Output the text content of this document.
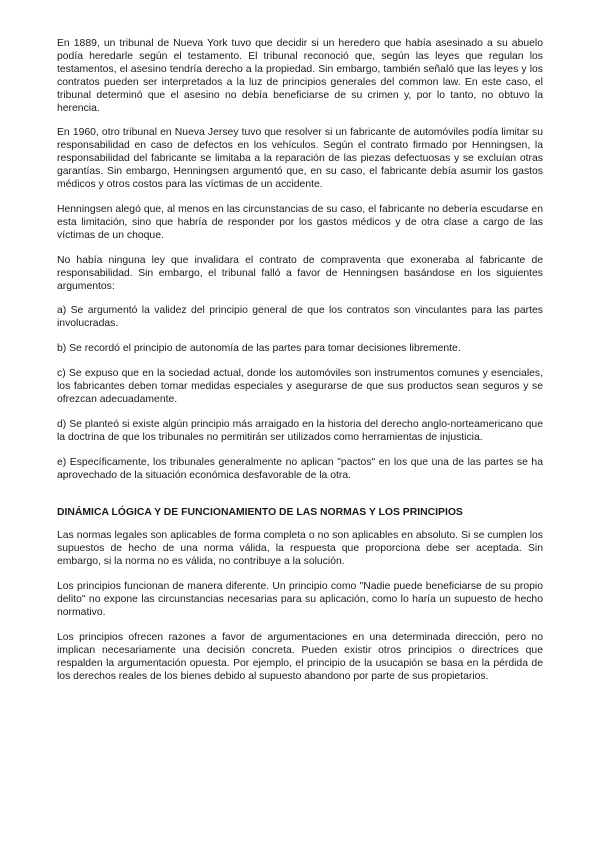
En 1889, un tribunal de Nueva York tuvo que decidir si un heredero que había asesinado a su abuelo podía heredarle según el testamento. El tribunal reconoció que, según las leyes que regulan los testamentos, el asesino tendría derecho a la propiedad. Sin embargo, también señaló que las leyes y los contratos pueden ser interpretados a la luz de principios generales del common law. En este caso, el tribunal determinó que el asesino no debía beneficiarse de su crimen y, por lo tanto, no obtuvo la herencia.

En 1960, otro tribunal en Nueva Jersey tuvo que resolver si un fabricante de automóviles podía limitar su responsabilidad en caso de defectos en los vehículos. Según el contrato firmado por Henningsen, la responsabilidad del fabricante se limitaba a la reparación de las piezas defectuosas y se excluían otras garantías. Sin embargo, Henningsen argumentó que, en su caso, el fabricante debía asumir los gastos médicos y otros costos para las víctimas de un accidente.

Henningsen alegó que, al menos en las circunstancias de su caso, el fabricante no debería escudarse en esta limitación, sino que habría de responder por los gastos médicos y de otra clase a cargo de las víctimas de un choque.

No había ninguna ley que invalidara el contrato de compraventa que exoneraba al fabricante de responsabilidad. Sin embargo, el tribunal falló a favor de Henningsen basándose en los siguientes argumentos:

a) Se argumentó la validez del principio general de que los contratos son vinculantes para las partes involucradas.

b) Se recordó el principio de autonomía de las partes para tomar decisiones libremente.

c) Se expuso que en la sociedad actual, donde los automóviles son instrumentos comunes y esenciales, los fabricantes deben tomar medidas especiales y asegurarse de que sus productos sean seguros y se ofrezcan adecuadamente.

d) Se planteó si existe algún principio más arraigado en la historia del derecho anglo-norteamericano que la doctrina de que los tribunales no permitirán ser utilizados como herramientas de injusticia.

e) Específicamente, los tribunales generalmente no aplican "pactos" en los que una de las partes se ha aprovechado de la situación económica desfavorable de la otra.

DINÁMICA LÓGICA Y DE FUNCIONAMIENTO DE LAS NORMAS Y LOS PRINCIPIOS

Las normas legales son aplicables de forma completa o no son aplicables en absoluto. Si se cumplen los supuestos de hecho de una norma válida, la respuesta que proporciona debe ser aceptada. Sin embargo, si la norma no es válida, no contribuye a la solución.

Los principios funcionan de manera diferente. Un principio como "Nadie puede beneficiarse de su propio delito" no expone las circunstancias necesarias para su aplicación, como lo haría un supuesto de hecho normativo.

Los principios ofrecen razones a favor de argumentaciones en una determinada dirección, pero no implican necesariamente una decisión concreta. Pueden existir otros principios o directrices que respalden la argumentación opuesta. Por ejemplo, el principio de la usucapión se basa en la pérdida de los derechos reales de los bienes debido al supuesto abandono por parte de sus propietarios.
